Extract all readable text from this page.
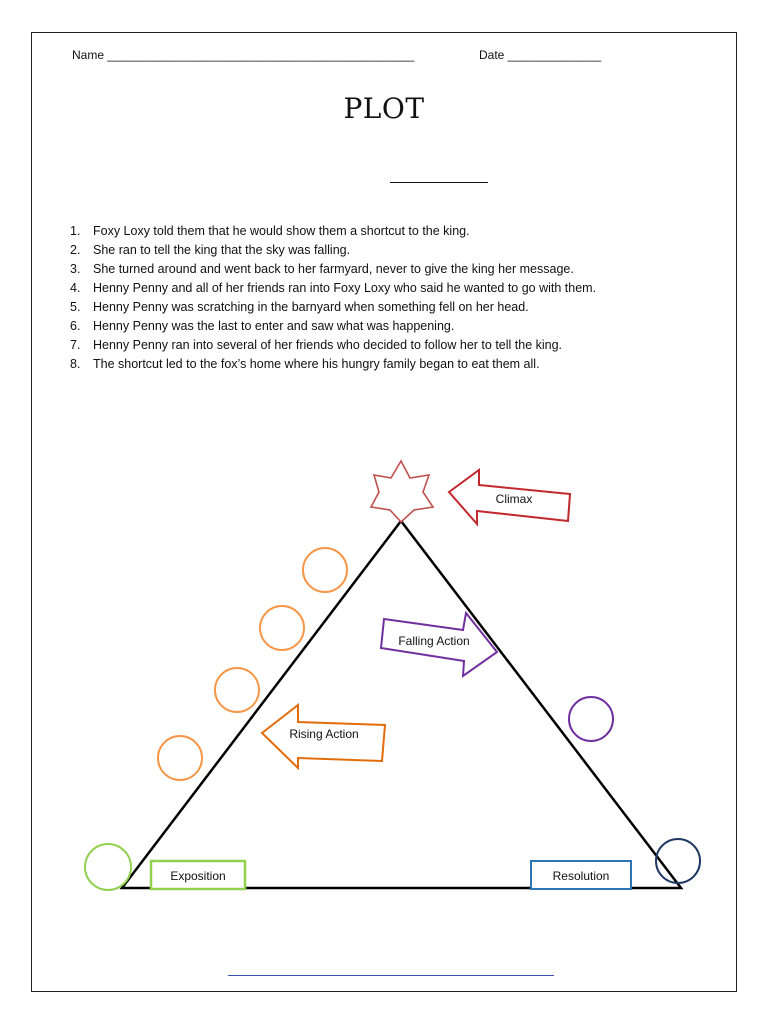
Name ______________________________________________	Date ______________
PLOT
1.	Foxy Loxy told them that he would show them a shortcut to the king.
2.	She ran to tell the king that the sky was falling.
3.	She turned around and went back to her farmyard, never to give the king her message.
4.	Henny Penny and all of her friends ran into Foxy Loxy who said he wanted to go with them.
5.	Henny Penny was scratching in the barnyard when something fell on her head.
6.	Henny Penny was the last to enter and saw what was happening.
7.	Henny Penny ran into several of her friends who decided to follow her to tell the king.
8.	The shortcut led to the fox’s home where his hungry family began to eat them all.
Climax
Falling Action
Rising Action
Exposition	Resolution
